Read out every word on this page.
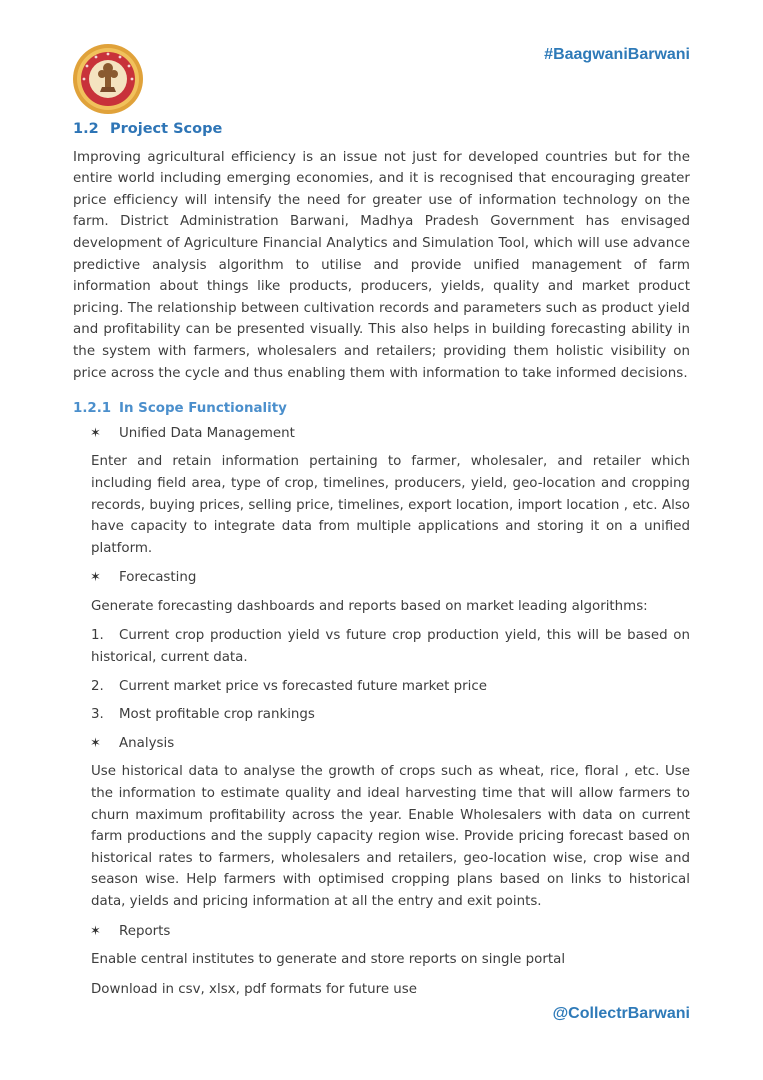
#BaagwaniBarwani
1.2 Project Scope

Improving agricultural efficiency is an issue not just for developed countries but for the entire world including emerging economies, and it is recognised that encouraging greater price efficiency will intensify the need for greater use of information technology on the farm. District Administration Barwani, Madhya Pradesh Government has envisaged development of Agriculture Financial Analytics and Simulation Tool, which will use advance predictive analysis algorithm to utilise and provide unified management of farm information about things like products, producers, yields, quality and market product pricing. The relationship between cultivation records and parameters such as product yield and profitability can be presented visually. This also helps in building forecasting ability in the system with farmers, wholesalers and retailers; providing them holistic visibility on price across the cycle and thus enabling them with information to take informed decisions.

1.2.1 In Scope Functionality
✶	Unified Data Management

Enter and retain information pertaining to farmer, wholesaler, and retailer which including field area, type of crop, timelines, producers, yield, geo-location and cropping records, buying prices, selling price, timelines, export location, import location , etc. Also have capacity to integrate data from multiple applications and storing it on a unified platform.

✶	Forecasting

Generate forecasting dashboards and reports based on market leading algorithms:

1. Current crop production yield vs future crop production yield, this will be based on historical, current data.

2.	Current market price vs forecasted future market price
3.	Most profitable crop rankings
✶	Analysis

Use historical data to analyse the growth of crops such as wheat, rice, floral , etc. Use the information to estimate quality and ideal harvesting time that will allow farmers to churn maximum profitability across the year. Enable Wholesalers with data on current farm productions and the supply capacity region wise. Provide pricing forecast based on historical rates to farmers, wholesalers and retailers, geo-location wise, crop wise and season wise. Help farmers with optimised cropping plans based on links to historical data, yields and pricing information at all the entry and exit points.

✶	Reports

Enable central institutes to generate and store reports on single portal

Download in csv, xlsx, pdf formats for future use

@CollectrBarwani
